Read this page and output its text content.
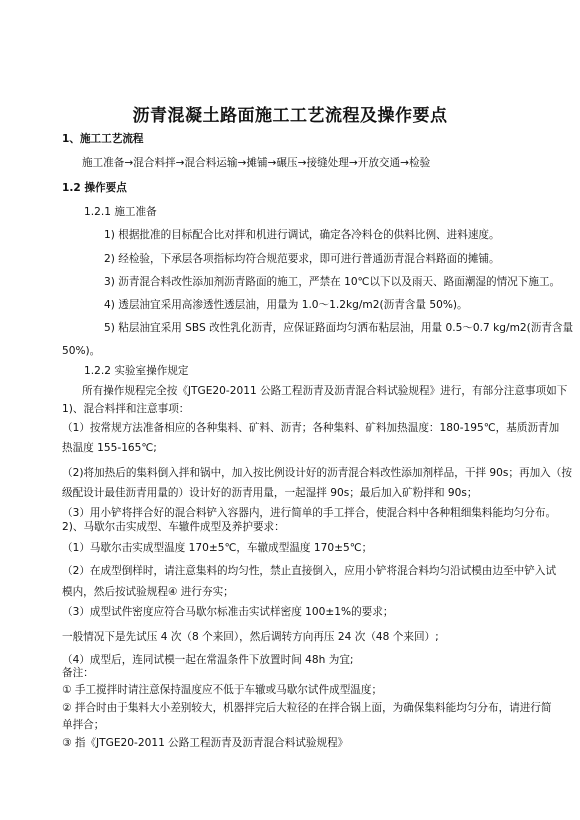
沥青混凝土路面施工工艺流程及操作要点
1、施工工艺流程
施工准备→混合料拌→混合料运输→摊铺→碾压→接缝处理→开放交通→检验
1.2 操作要点
1.2.1 施工准备
1) 根据批准的目标配合比对拌和机进行调试，确定各冷料仓的供料比例、进料速度。
2) 经检验，下承层各项指标均符合规范要求，即可进行普通沥青混合料路面的摊铺。
3) 沥青混合料改性添加剂沥青路面的施工，严禁在 10℃以下以及雨天、路面潮湿的情况下施工。
4) 透层油宜采用高渗透性透层油，用量为 1.0～1.2kg/m2(沥青含量 50%)。
5) 粘层油宜采用 SBS 改性乳化沥青，应保证路面均匀洒布粘层油，用量 0.5～0.7 kg/m2(沥青含量
50%)。
1.2.2 实验室操作规定
所有操作规程完全按《JTGE20-2011 公路工程沥青及沥青混合料试验规程》进行，有部分注意事项如下
1)、混合料拌和注意事项：
（1）按常规方法准备相应的各种集料、矿料、沥青；各种集料、矿料加热温度：180-195℃，基质沥青加
热温度 155-165℃;
（2)将加热后的集料倒入拌和锅中，加入按比例设计好的沥青混合料改性添加剂样品，干拌 90s；再加入（按
级配设计最佳沥青用量的）设计好的沥青用量，一起湿拌 90s；最后加入矿粉拌和 90s；
（3）用小铲将拌合好的混合料铲入容器内，进行简单的手工拌合，使混合料中各种粗细集料能均匀分布。
2)、马歇尔击实成型、车辙件成型及养护要求：
（1）马歇尔击实成型温度 170±5℃，车辙成型温度 170±5℃；
（2）在成型倒样时，请注意集料的均匀性，禁止直接倒入，应用小铲将混合料均匀沿试模由边至中铲入试
模内，然后按试验规程④ 进行夯实；
（3）成型试件密度应符合马歇尔标准击实试样密度 100±1%的要求；
一般情况下是先试压 4 次（8 个来回），然后调转方向再压 24 次（48 个来回）;
（4）成型后，连同试模一起在常温条件下放置时间 48h 为宜;
备注：
① 手工搅拌时请注意保持温度应不低于车辙或马歇尔试件成型温度；
② 拌合时由于集料大小差别较大，机器拌完后大粒径的在拌合锅上面，为确保集料能均匀分布，请进行简
单拌合；
③ 指《JTGE20-2011 公路工程沥青及沥青混合料试验规程》
